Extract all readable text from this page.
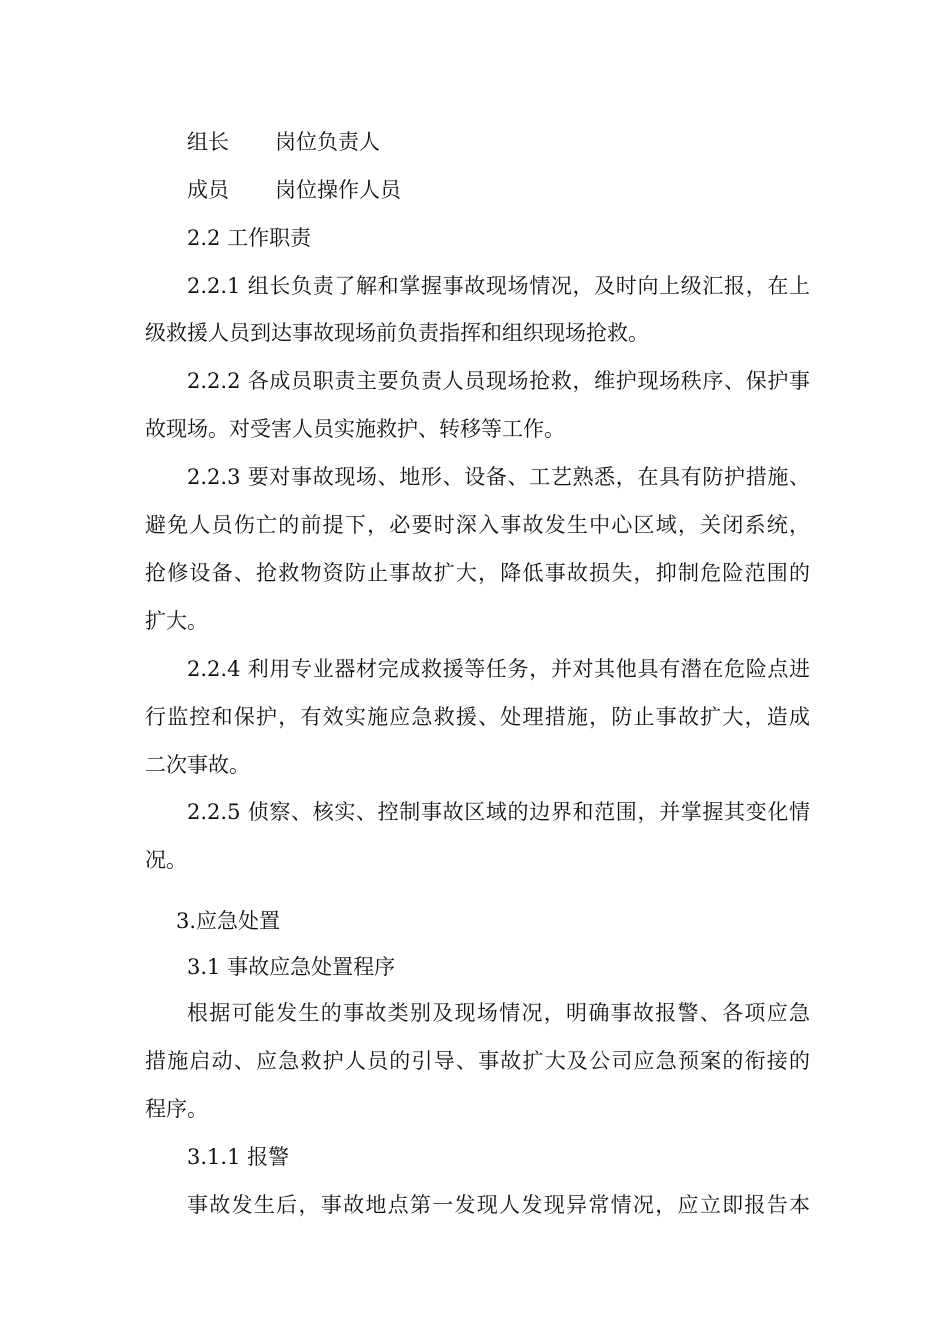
组长 岗位负责人
成员 岗位操作人员
2.2 工作职责
2.2.1 组长负责了解和掌握事故现场情况，及时向上级汇报，在上
级救援人员到达事故现场前负责指挥和组织现场抢救。
2.2.2 各成员职责主要负责人员现场抢救，维护现场秩序、保护事
故现场。对受害人员实施救护、转移等工作。
2.2.3 要对事故现场、地形、设备、工艺熟悉，在具有防护措施、
避免人员伤亡的前提下，必要时深入事故发生中心区域，关闭系统，
抢修设备、抢救物资防止事故扩大，降低事故损失，抑制危险范围的
扩大。
2.2.4 利用专业器材完成救援等任务，并对其他具有潜在危险点进
行监控和保护，有效实施应急救援、处理措施，防止事故扩大，造成
二次事故。
2.2.5 侦察、核实、控制事故区域的边界和范围，并掌握其变化情
况。
3.应急处置
3.1 事故应急处置程序
根据可能发生的事故类别及现场情况，明确事故报警、各项应急
措施启动、应急救护人员的引导、事故扩大及公司应急预案的衔接的
程序。
3.1.1 报警
事故发生后，事故地点第一发现人发现异常情况，应立即报告本
